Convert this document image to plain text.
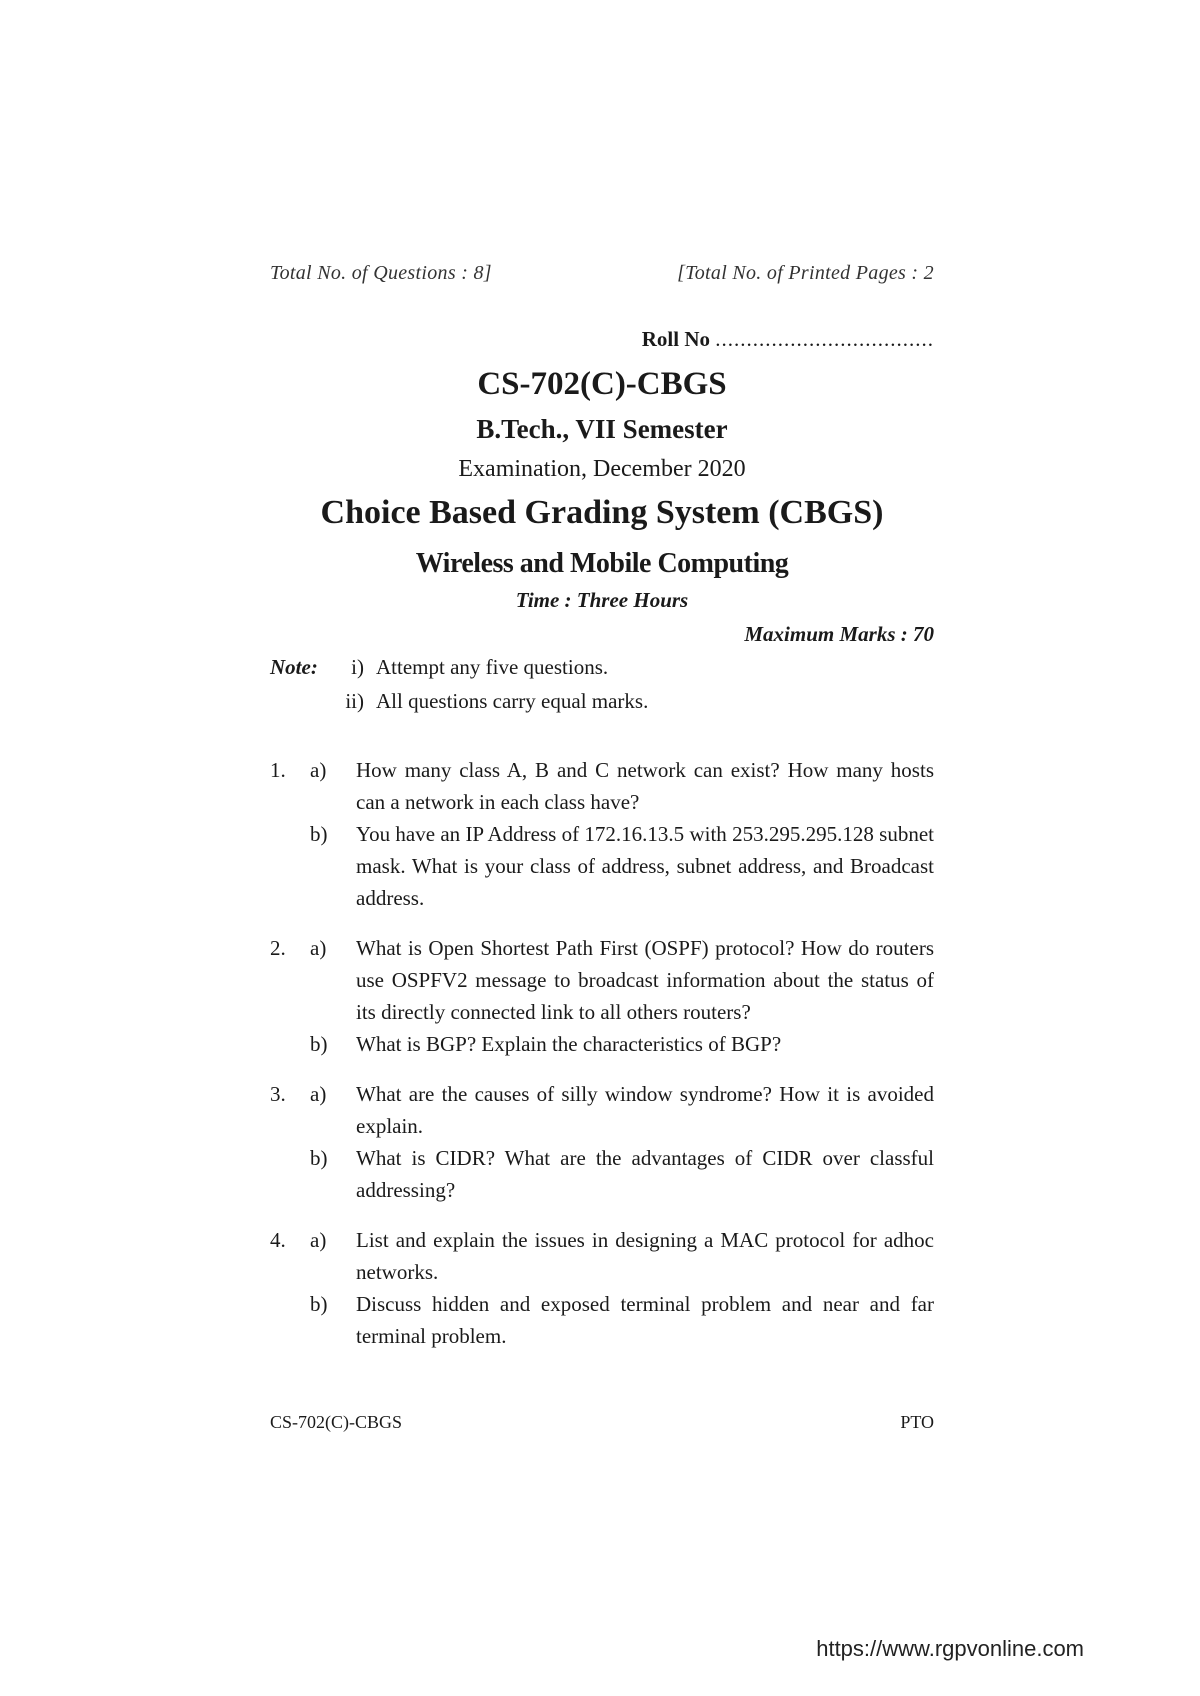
Total No. of Questions : 8]	[Total No. of Printed Pages : 2
Roll No ...................................
CS-702(C)-CBGS
B.Tech., VII Semester
Examination, December 2020
Choice Based Grading System (CBGS)
Wireless and Mobile Computing
Time : Three Hours
Maximum Marks : 70
Note:	i) Attempt any five questions.
ii) All questions carry equal marks.
1. a) How many class A, B and C network can exist? How many hosts can a network in each class have?
b) You have an IP Address of 172.16.13.5 with 253.295.295.128 subnet mask. What is your class of address, subnet address, and Broadcast address.
2. a) What is Open Shortest Path First (OSPF) protocol? How do routers use OSPFV2 message to broadcast information about the status of its directly connected link to all others routers?
b) What is BGP? Explain the characteristics of BGP?
3. a) What are the causes of silly window syndrome? How it is avoided explain.
b) What is CIDR? What are the advantages of CIDR over classful addressing?
4. a) List and explain the issues in designing a MAC protocol for adhoc networks.
b) Discuss hidden and exposed terminal problem and near and far terminal problem.
CS-702(C)-CBGS	PTO
https://www.rgpvonline.com
